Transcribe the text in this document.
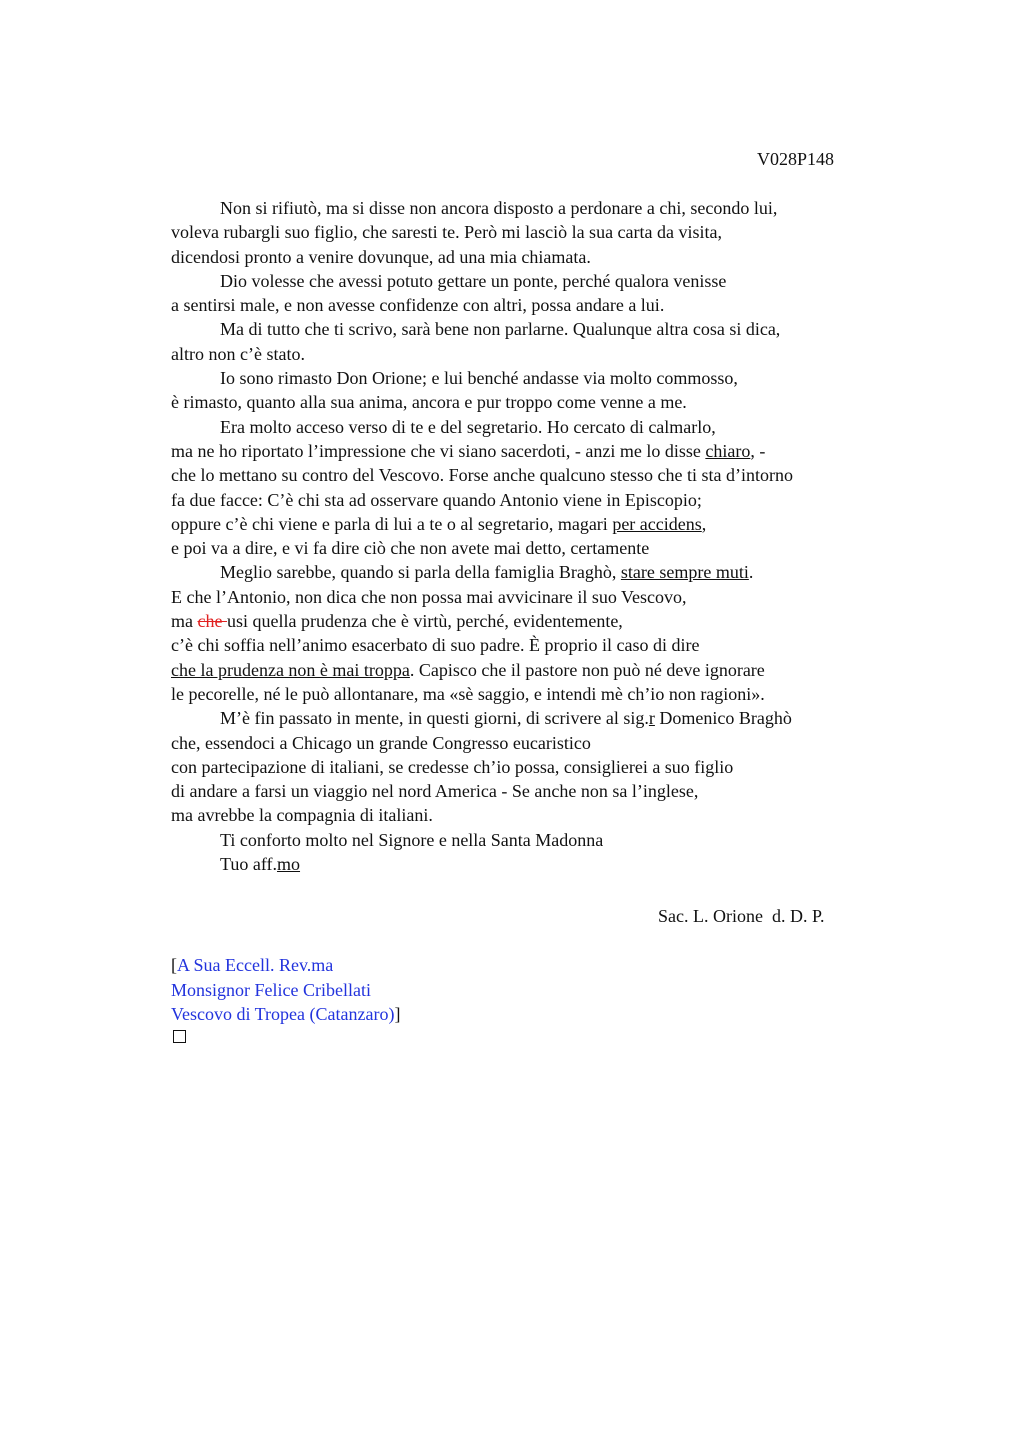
V028P148
Non si rifiutò, ma si disse non ancora disposto a perdonare a chi, secondo lui,
voleva rubargli suo figlio, che saresti te. Però mi lasciò la sua carta da visita,
dicendosi pronto a venire dovunque, ad una mia chiamata.
Dio volesse che avessi potuto gettare un ponte, perché qualora venisse
a sentirsi male, e non avesse confidenze con altri, possa andare a lui.
Ma di tutto che ti scrivo, sarà bene non parlarne. Qualunque altra cosa si dica,
altro non c’è stato.
Io sono rimasto Don Orione; e lui benché andasse via molto commosso,
è rimasto, quanto alla sua anima, ancora e pur troppo come venne a me.
Era molto acceso verso di te e del segretario. Ho cercato di calmarlo,
ma ne ho riportato l’impressione che vi siano sacerdoti, - anzi me lo disse chiaro, -
che lo mettano su contro del Vescovo. Forse anche qualcuno stesso che ti sta d’intorno
fa due facce: C’è chi sta ad osservare quando Antonio viene in Episcopio;
oppure c’è chi viene e parla di lui a te o al segretario, magari per accidens,
e poi va a dire, e vi fa dire ciò che non avete mai detto, certamente
Meglio sarebbe, quando si parla della famiglia Braghò, stare sempre muti.
E che l’Antonio, non dica che non possa mai avvicinare il suo Vescovo,
ma che usi quella prudenza che è virtù, perché, evidentemente,
c’è chi soffia nell’animo esacerbato di suo padre. È proprio il caso di dire
che la prudenza non è mai troppa. Capisco che il pastore non può né deve ignorare
le pecorelle, né le può allontanare, ma «sè saggio, e intendi mè ch’io non ragioni».
M’è fin passato in mente, in questi giorni, di scrivere al sig.r Domenico Braghò
che, essendoci a Chicago un grande Congresso eucaristico
con partecipazione di italiani, se credesse ch’io possa, consiglierei a suo figlio
di andare a farsi un viaggio nel nord America - Se anche non sa l’inglese,
ma avrebbe la compagnia di italiani.
Ti conforto molto nel Signore e nella Santa Madonna
Tuo aff.mo
Sac. L. Orione  d. D. P.
[A Sua Eccell. Rev.ma
Monsignor Felice Cribellati
Vescovo di Tropea (Catanzaro)]
